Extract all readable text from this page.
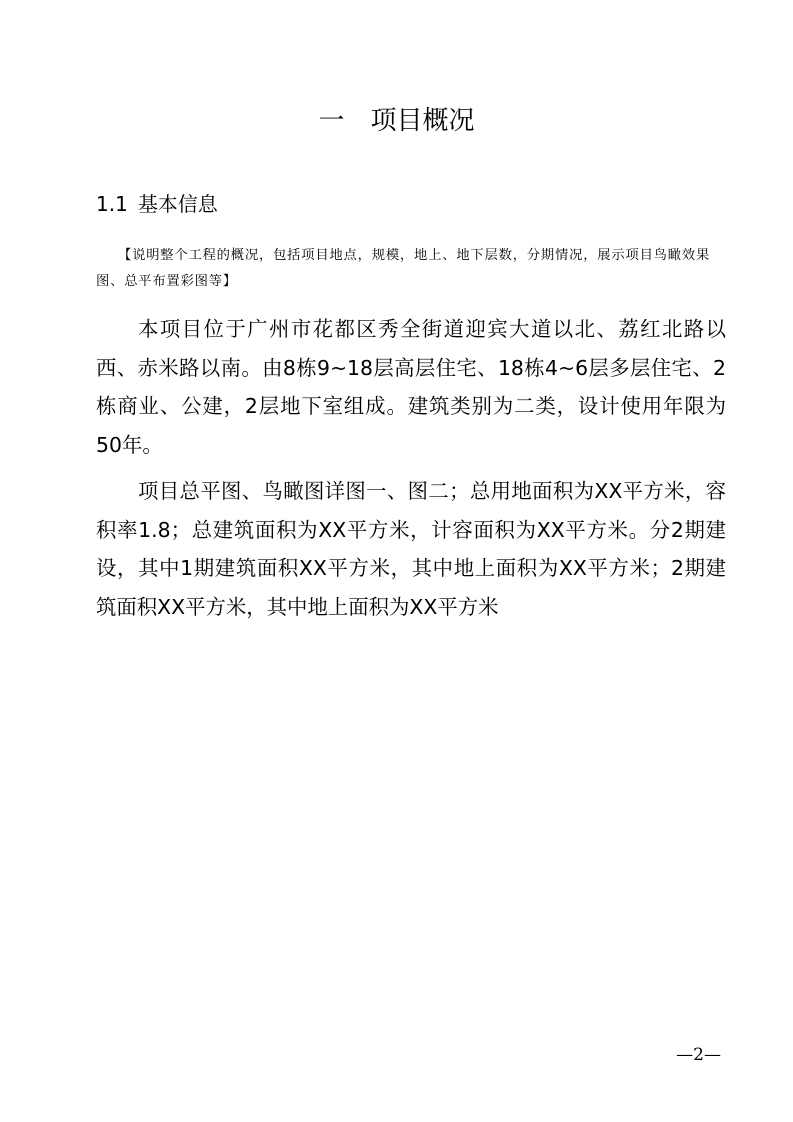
一 项目概况
1.1 基本信息

【说明整个工程的概况，包括项目地点，规模，地上、地下层数，分期情况，展示项目鸟瞰效果图、总平布置彩图等】

本项目位于广州市花都区秀全街道迎宾大道以北、荔红北路以西、赤米路以南。由8栋9~18层高层住宅、18栋4~6层多层住宅、2栋商业、公建，2层地下室组成。建筑类别为二类，设计使用年限为50年。

项目总平图、鸟瞰图详图一、图二；总用地面积为XX平方米，容积率1.8；总建筑面积为XX平方米，计容面积为XX平方米。分2期建设，其中1期建筑面积XX平方米，其中地上面积为XX平方米；2期建筑面积XX平方米，其中地上面积为XX平方米

—2—
